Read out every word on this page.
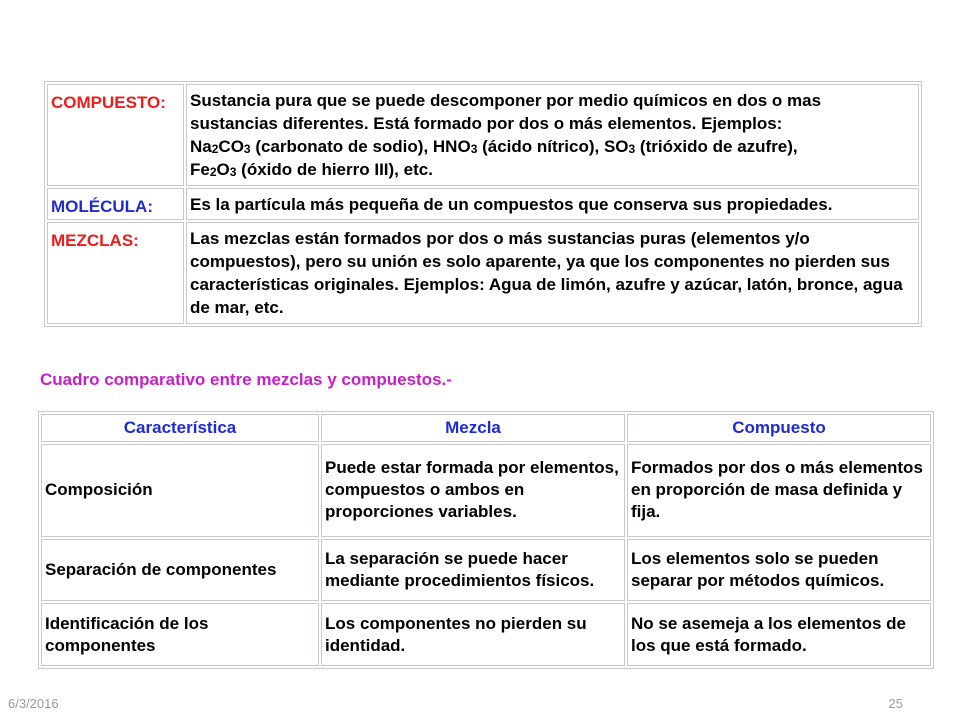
COMPUESTO:	Sustancia pura que se puede descomponer por medio químicos en dos o mas
sustancias diferentes. Está formado por dos o más elementos. Ejemplos:
$Na_2CO_3$ (carbonato de sodio), $HNO_3$ (ácido nítrico), $SO_3$ (trióxido de azufre),
$Fe_2O_3$ (óxido de hierro III), etc.
MOLÉCULA:	Es la partícula más pequeña de un compuestos que conserva sus propiedades.
MEZCLAS:	Las mezclas están formados por dos o más sustancias puras (elementos y/o compuestos), pero su unión es solo aparente, ya que los componentes no pierden sus características originales. Ejemplos: Agua de limón, azufre y azúcar, latón, bronce, agua de mar, etc.
Cuadro comparativo entre mezclas y compuestos.-
Característica	Mezcla	Compuesto
Composición	Puede estar formada por elementos, compuestos o ambos en proporciones variables.	Formados por dos o más elementos en proporción de masa definida y fija.
Separación de componentes	La separación se puede hacer mediante procedimientos físicos.	Los elementos solo se pueden separar por métodos químicos.
Identificación de los componentes	Los componentes no pierden su identidad.	No se asemeja a los elementos de los que está formado.
6/3/2016	25
